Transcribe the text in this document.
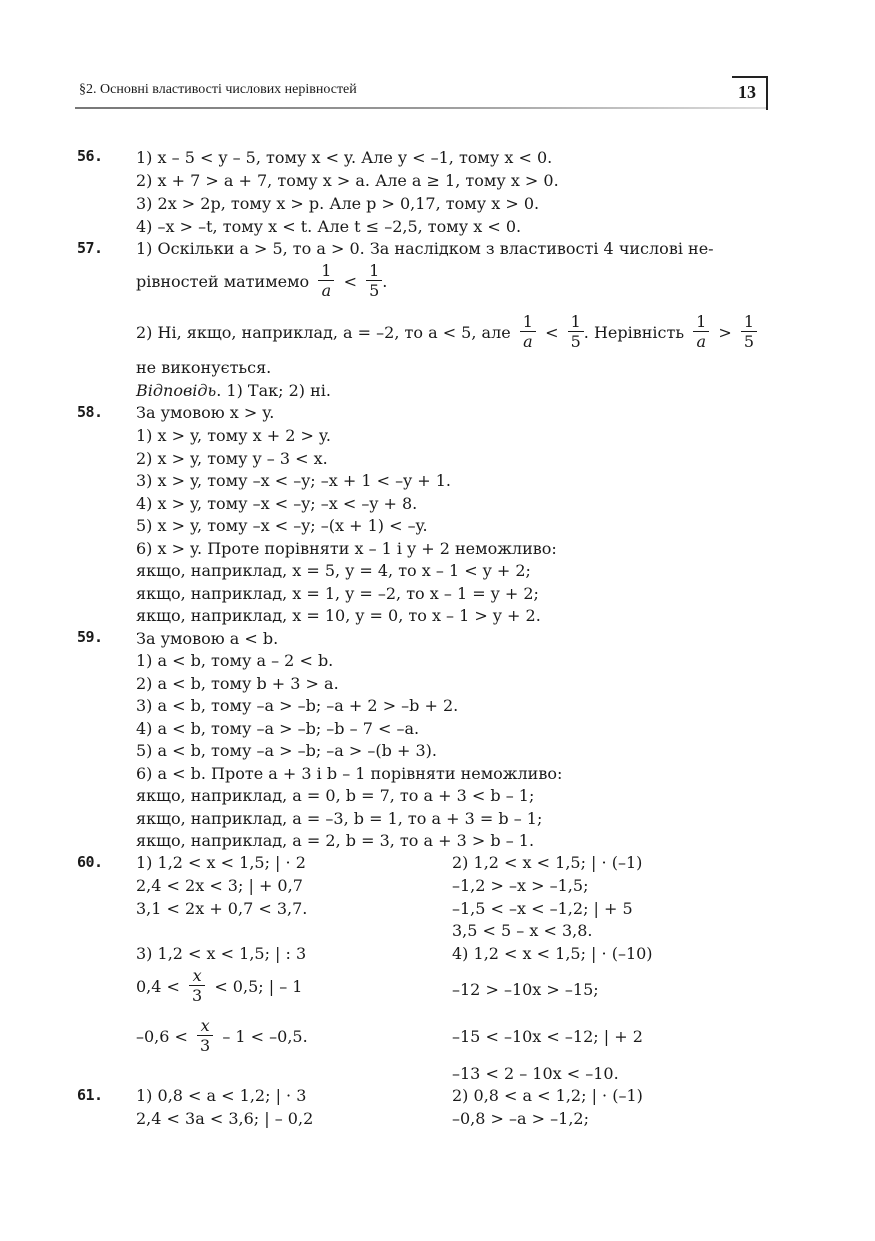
§2. Основні властивості числових нерівностей	13
56. 1) x – 5 < y – 5, тому x < y. Але y < –1, тому x < 0.
2) x + 7 > a + 7, тому x > a. Але a ≥ 1, тому x > 0.
3) 2x > 2p, тому x > p. Але p > 0,17, тому x > 0.
4) –x > –t, тому x < t. Але t ≤ –2,5, тому x < 0.
57. 1) Оскільки a > 5, то a > 0. За наслідком з властивості 4 числові не-
рівностей матимемо $\frac{1}{a} < \frac{1}{5}$ .
2) Ні, якщо, наприклад, a = –2, то a < 5, але $\frac{1}{a} < \frac{1}{5}$ . Нерівність $\frac{1}{a} > \frac{1}{5}$
не виконується.
Відповідь. 1) Так; 2) ні.
58. За умовою x > y.
1) x > y, тому x + 2 > y.
2) x > y, тому y – 3 < x.
3) x > y, тому –x < –y; –x + 1 < –y + 1.
4) x > y, тому –x < –y; –x < –y + 8.
5) x > y, тому –x < –y; –(x + 1) < –y.
6) x > y. Проте порівняти x – 1 і y + 2 неможливо:
якщо, наприклад, x = 5, y = 4, то x – 1 < y + 2;
якщо, наприклад, x = 1, y = –2, то x – 1 = y + 2;
якщо, наприклад, x = 10, y = 0, то x – 1 > y + 2.
59. За умовою a < b.
1) a < b, тому a – 2 < b.
2) a < b, тому b + 3 > a.
3) a < b, тому –a > –b; –a + 2 > –b + 2.
4) a < b, тому –a > –b; –b – 7 < –a.
5) a < b, тому –a > –b; –a > –(b + 3).
6) a < b. Проте a + 3 і b – 1 порівняти неможливо:
якщо, наприклад, a = 0, b = 7, то a + 3 < b – 1;
якщо, наприклад, a = –3, b = 1, то a + 3 = b – 1;
якщо, наприклад, a = 2, b = 3, то a + 3 > b – 1.
60. 1) 1,2 < x < 1,5; | · 2
2,4 < 2x < 3; | + 0,7
3,1 < 2x + 0,7 < 3,7.
2) 1,2 < x < 1,5; | · (–1)
–1,2 > –x > –1,5;
–1,5 < –x < –1,2; | + 5
3,5 < 5 – x < 3,8.
3) 1,2 < x < 1,5; | : 3	4) 1,2 < x < 1,5; | · (–10)
$0,4 < \frac{x}{3} < 0,5$; | – 1	–12 > –10x > –15;
$-0,6 < \frac{x}{3} - 1 < -0,5$.	–15 < –10x < –12; | + 2
–13 < 2 – 10x < –10.
61. 1) 0,8 < a < 1,2; | · 3
2,4 < 3a < 3,6; | – 0,2
2) 0,8 < a < 1,2; | · (–1)
–0,8 > –a > –1,2;
